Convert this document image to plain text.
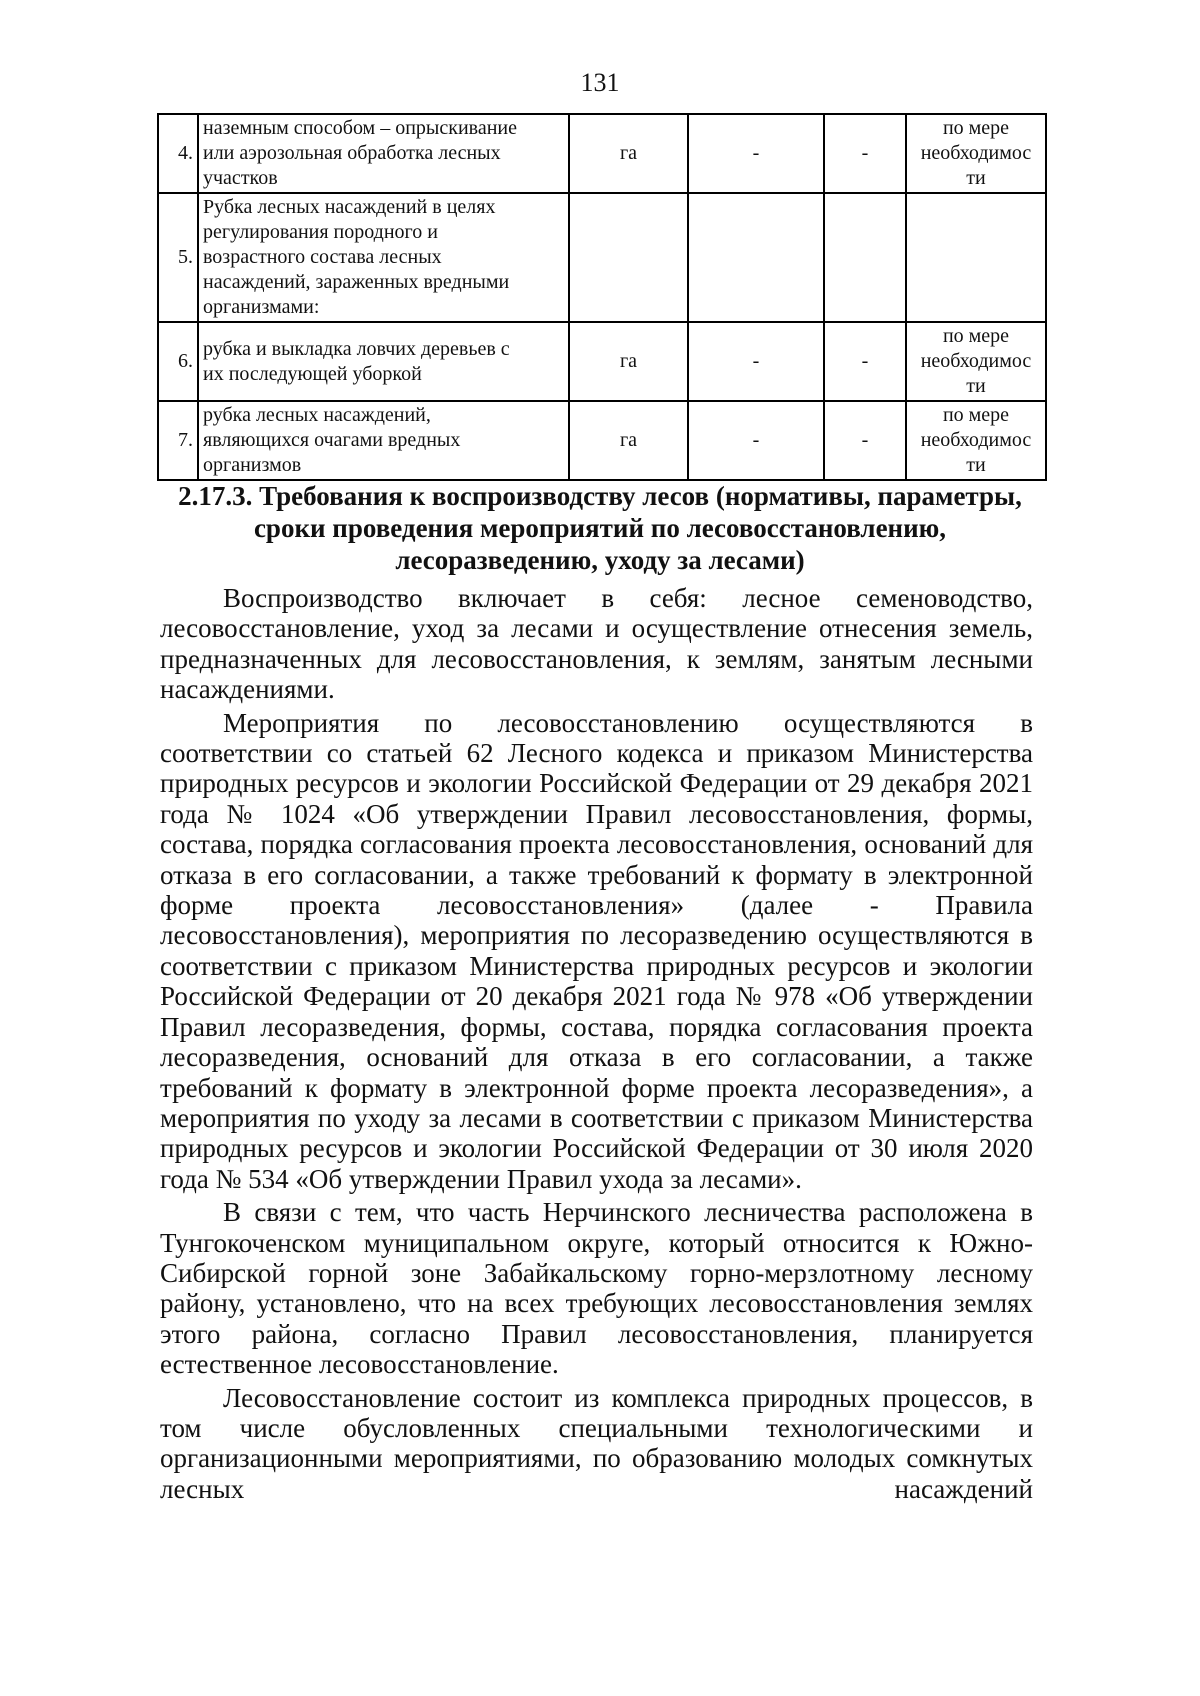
131
4.	наземным способом – опрыскивание
или аэрозольная обработка лесных
участков	га	-	-	по мере
необходимос
ти
5.	Рубка лесных насаждений в целях
регулирования породного и
возрастного состава лесных
насаждений, зараженных вредными
организмами:				
6.	рубка и выкладка ловчих деревьев с
их последующей уборкой	га	-	-	по мере
необходимос
ти
7.	рубка лесных насаждений,
являющихся очагами вредных
организмов	га	-	-	по мере
необходимос
ти
2.17.3. Требования к воспроизводству лесов (нормативы, параметры,
сроки проведения мероприятий по лесовосстановлению,
лесоразведению, уходу за лесами)

Воспроизводство включает в себя: лесное семеноводство, лесовосстановление, уход за лесами и осуществление отнесения земель, предназначенных для лесовосстановления, к землям, занятым лесными насаждениями.

Мероприятия по лесовосстановлению осуществляются в соответствии со статьей 62 Лесного кодекса и приказом Министерства природных ресурсов и экологии Российской Федерации от 29 декабря 2021 года № 1024 «Об утверждении Правил лесовосстановления, формы, состава, порядка согласования проекта лесовосстановления, оснований для отказа в его согласовании, а также требований к формату в электронной форме проекта лесовосстановления» (далее - Правила лесовосстановления), мероприятия по лесоразведению осуществляются в соответствии с приказом Министерства природных ресурсов и экологии Российской Федерации от 20 декабря 2021 года № 978 «Об утверждении Правил лесоразведения, формы, состава, порядка согласования проекта лесоразведения, оснований для отказа в его согласовании, а также требований к формату в электронной форме проекта лесоразведения», а мероприятия по уходу за лесами в соответствии с приказом Министерства природных ресурсов и экологии Российской Федерации от 30 июля 2020 года № 534 «Об утверждении Правил ухода за лесами».

В связи с тем, что часть Нерчинского лесничества расположена в Тунгокоченском муниципальном округе, который относится к Южно-Сибирской горной зоне Забайкальскому горно-мерзлотному лесному району, установлено, что на всех требующих лесовосстановления землях этого района, согласно Правил лесовосстановления, планируется естественное лесовосстановление.

Лесовосстановление состоит из комплекса природных процессов, в том числе обусловленных специальными технологическими и организационными мероприятиями, по образованию молодых сомкнутых лесных насаждений
